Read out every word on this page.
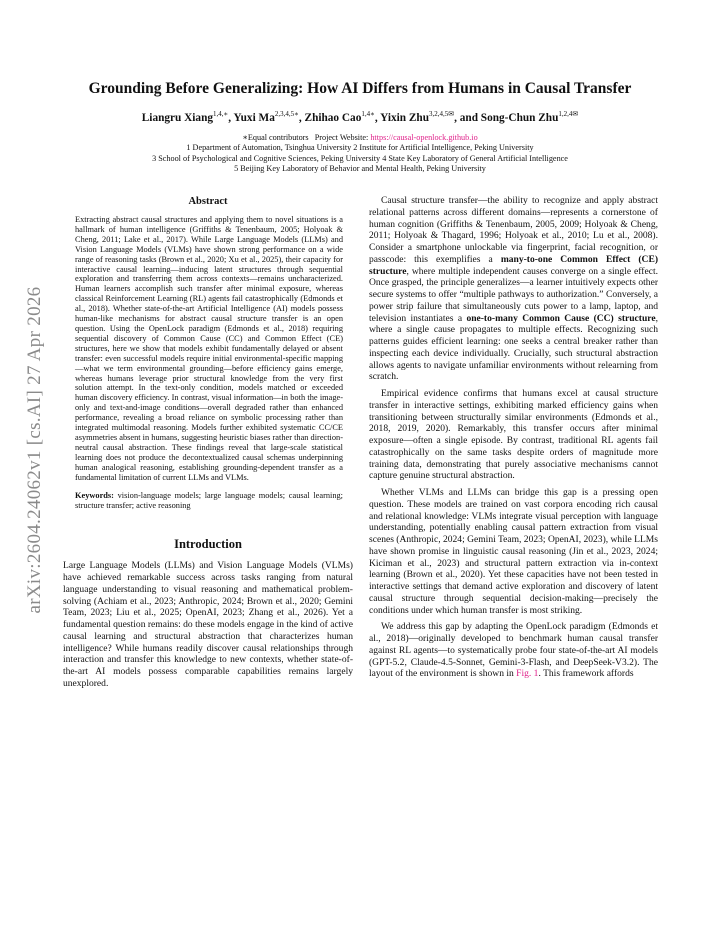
arXiv:2604.24062v1 [cs.AI] 27 Apr 2026
Grounding Before Generalizing: How AI Differs from Humans in Causal Transfer
Liangru Xiang$^{1,4,∗}$, Yuxi $Ma^{2,3,4,5∗}$, Zhihao Cao$^{1,4∗}$, Yixin Zhu$^{3,2,4,5✉}$, and Song-Chun Zhu$^{1,2,4✉}$
∗Equal contributors Project Website: https://causal-openlock.github.io
1 Department of Automation, Tsinghua University 2 Institute for Artificial Intelligence, Peking University
3 School of Psychological and Cognitive Sciences, Peking University 4 State Key Laboratory of General Artificial Intelligence
5 Beijing Key Laboratory of Behavior and Mental Health, Peking University
Abstract

Extracting abstract causal structures and applying them to novel situations is a hallmark of human intelligence (Griffiths & Tenenbaum, 2005; Holyoak & Cheng, 2011; Lake et al., 2017). While Large Language Models (LLMs) and Vision Language Models (VLMs) have shown strong performance on a wide range of reasoning tasks (Brown et al., 2020; Xu et al., 2025), their capacity for interactive causal learning—inducing latent structures through sequential exploration and transferring them across contexts—remains uncharacterized. Human learners accomplish such transfer after minimal exposure, whereas classical Reinforcement Learning (RL) agents fail catastrophically (Edmonds et al., 2018). Whether state-of-the-art Artificial Intelligence (AI) models possess human-like mechanisms for abstract causal structure transfer is an open question. Using the OpenLock paradigm (Edmonds et al., 2018) requiring sequential discovery of Common Cause (CC) and Common Effect (CE) structures, here we show that models exhibit fundamentally delayed or absent transfer: even successful models require initial environmental-specific mapping—what we term environmental grounding—before efficiency gains emerge, whereas humans leverage prior structural knowledge from the very first solution attempt. In the text-only condition, models matched or exceeded human discovery efficiency. In contrast, visual information—in both the image-only and text-and-image conditions—overall degraded rather than enhanced performance, revealing a broad reliance on symbolic processing rather than integrated multimodal reasoning. Models further exhibited systematic CC/CE asymmetries absent in humans, suggesting heuristic biases rather than direction-neutral causal abstraction. These findings reveal that large-scale statistical learning does not produce the decontextualized causal schemas underpinning human analogical reasoning, establishing grounding-dependent transfer as a fundamental limitation of current LLMs and VLMs.

Keywords: vision-language models; large language models; causal learning; structure transfer; active reasoning

Introduction

Large Language Models (LLMs) and Vision Language Models (VLMs) have achieved remarkable success across tasks ranging from natural language understanding to visual reasoning and mathematical problem-solving (Achiam et al., 2023; Anthropic, 2024; Brown et al., 2020; Gemini Team, 2023; Liu et al., 2025; OpenAI, 2023; Zhang et al., 2026). Yet a fundamental question remains: do these models engage in the kind of active causal learning and structural abstraction that characterizes human intelligence? While humans readily discover causal relationships through interaction and transfer this knowledge to new contexts, whether state-of-the-art AI models possess comparable capabilities remains largely unexplored.

Causal structure transfer—the ability to recognize and apply abstract relational patterns across different domains—represents a cornerstone of human cognition (Griffiths & Tenenbaum, 2005, 2009; Holyoak & Cheng, 2011; Holyoak & Thagard, 1996; Holyoak et al., 2010; Lu et al., 2008). Consider a smartphone unlockable via fingerprint, facial recognition, or passcode: this exemplifies a many-to-one Common Effect (CE) structure, where multiple independent causes converge on a single effect. Once grasped, the principle generalizes—a learner intuitively expects other secure systems to offer “multiple pathways to authorization.” Conversely, a power strip failure that simultaneously cuts power to a lamp, laptop, and television instantiates a one-to-many Common Cause (CC) structure, where a single cause propagates to multiple effects. Recognizing such patterns guides efficient learning: one seeks a central breaker rather than inspecting each device individually. Crucially, such structural abstraction allows agents to navigate unfamiliar environments without relearning from scratch.

Empirical evidence confirms that humans excel at causal structure transfer in interactive settings, exhibiting marked efficiency gains when transitioning between structurally similar environments (Edmonds et al., 2018, 2019, 2020). Remarkably, this transfer occurs after minimal exposure—often a single episode. By contrast, traditional RL agents fail catastrophically on the same tasks despite orders of magnitude more training data, demonstrating that purely associative mechanisms cannot capture genuine structural abstraction.

Whether VLMs and LLMs can bridge this gap is a pressing open question. These models are trained on vast corpora encoding rich causal and relational knowledge: VLMs integrate visual perception with language understanding, potentially enabling causal pattern extraction from visual scenes (Anthropic, 2024; Gemini Team, 2023; OpenAI, 2023), while LLMs have shown promise in linguistic causal reasoning (Jin et al., 2023, 2024; Kiciman et al., 2023) and structural pattern extraction via in-context learning (Brown et al., 2020). Yet these capacities have not been tested in interactive settings that demand active exploration and discovery of latent causal structure through sequential decision-making—precisely the conditions under which human transfer is most striking.

We address this gap by adapting the OpenLock paradigm (Edmonds et al., 2018)—originally developed to benchmark human causal transfer against RL agents—to systematically probe four state-of-the-art AI models (GPT-5.2, Claude-4.5-Sonnet, Gemini-3-Flash, and DeepSeek-V3.2). The layout of the environment is shown in Fig. 1. This framework affords
